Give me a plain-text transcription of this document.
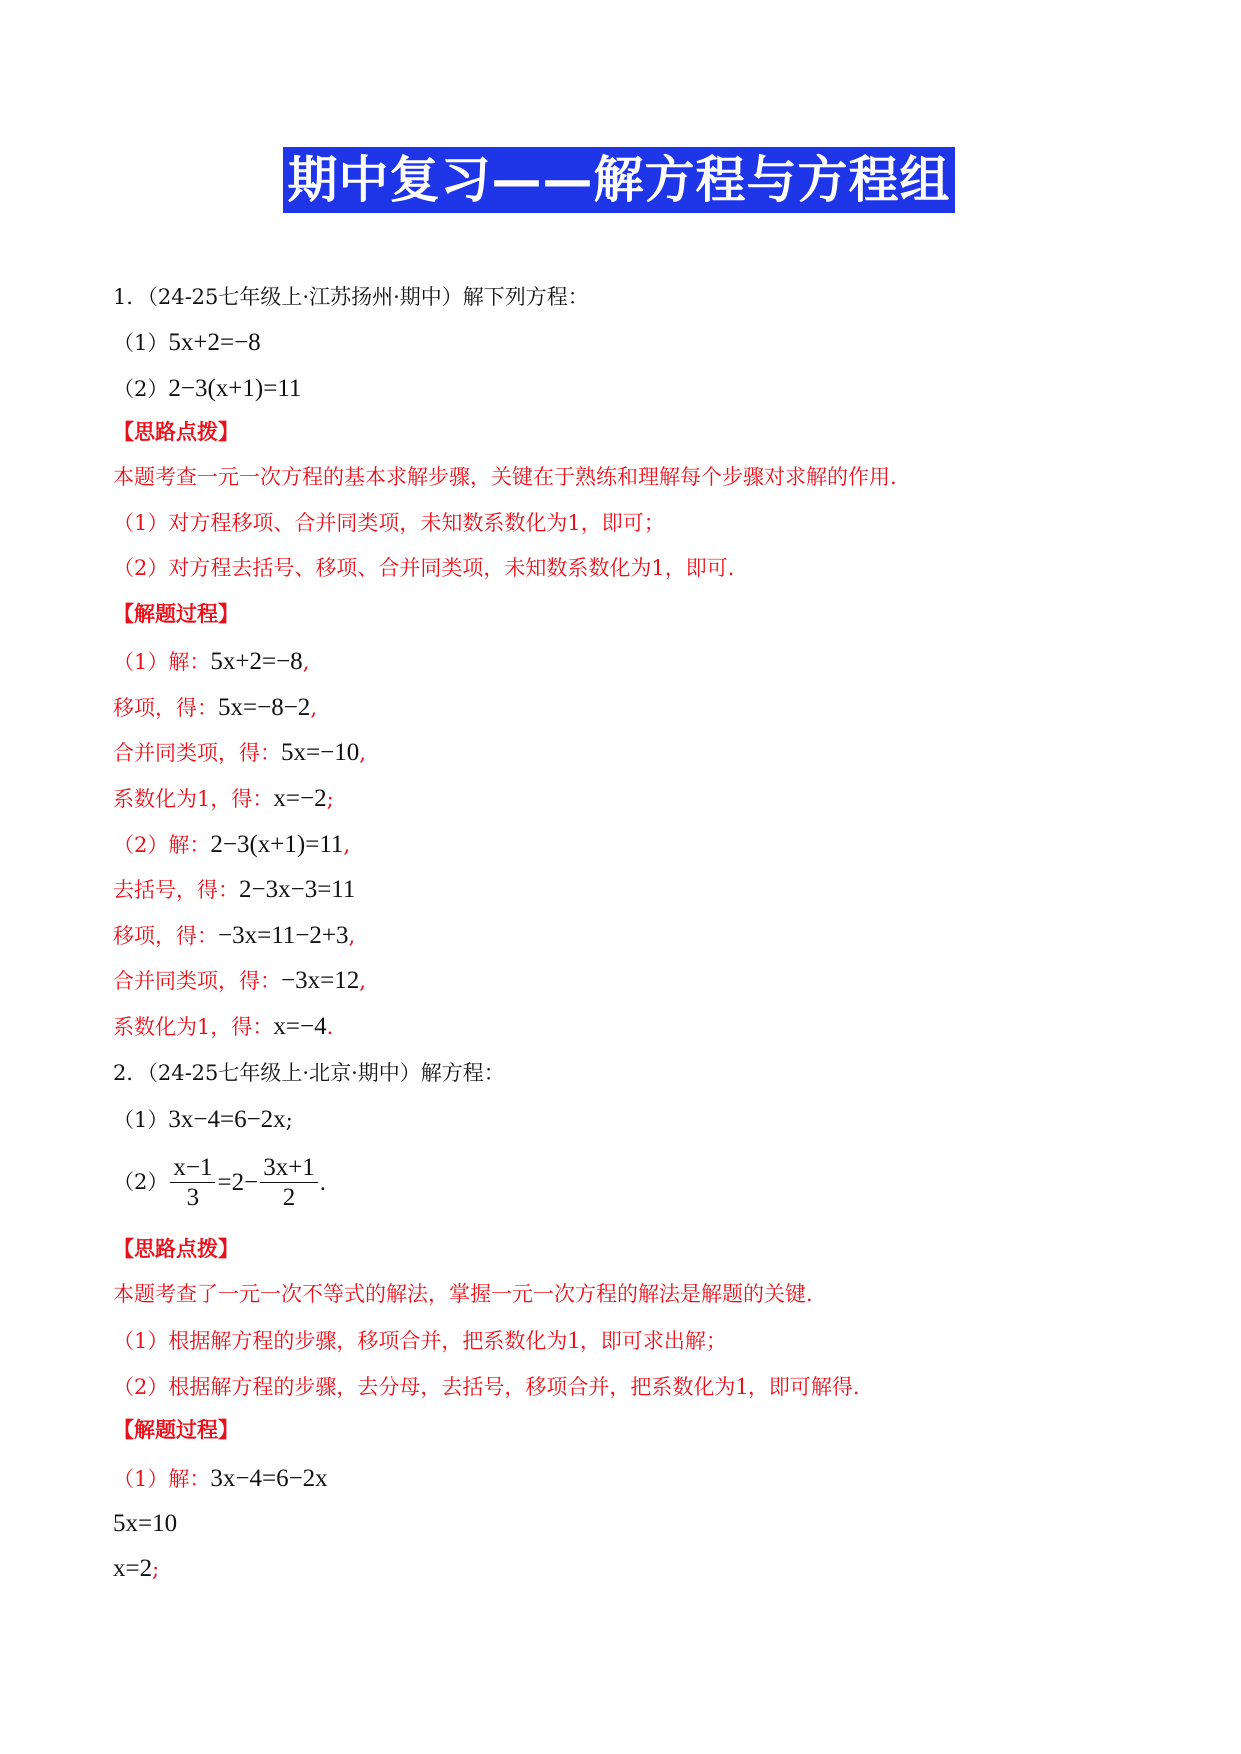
期中复习——解方程与方程组
1．（24-25七年级上·江苏扬州·期中）解下列方程：
（1）5x+2=−8
（2）2−3(x+1)=11
【思路点拨】
本题考查一元一次方程的基本求解步骤，关键在于熟练和理解每个步骤对求解的作用.
（1）对方程移项、合并同类项，未知数系数化为1，即可；
（2）对方程去括号、移项、合并同类项，未知数系数化为1，即可.
【解题过程】
（1）解：5x+2=−8,
移项，得：5x=−8−2,
合并同类项，得：5x=−10,
系数化为1，得：x=−2;
（2）解：2−3(x+1)=11,
去括号，得：2−3x−3=11
移项，得：−3x=11−2+3,
合并同类项，得：−3x=12,
系数化为1，得：x=−4.
2．（24-25七年级上·北京·期中）解方程：
（1）3x−4=6−2x;
$(2) \frac{x-1}{3} =2- \frac{3x+1}{2}$ .
【思路点拨】
本题考查了一元一次不等式的解法，掌握一元一次方程的解法是解题的关键.
（1）根据解方程的步骤，移项合并，把系数化为1，即可求出解；
（2）根据解方程的步骤，去分母，去括号，移项合并，把系数化为1，即可解得.
【解题过程】
（1）解：3x−4=6−2x
5x=10
x=2;
